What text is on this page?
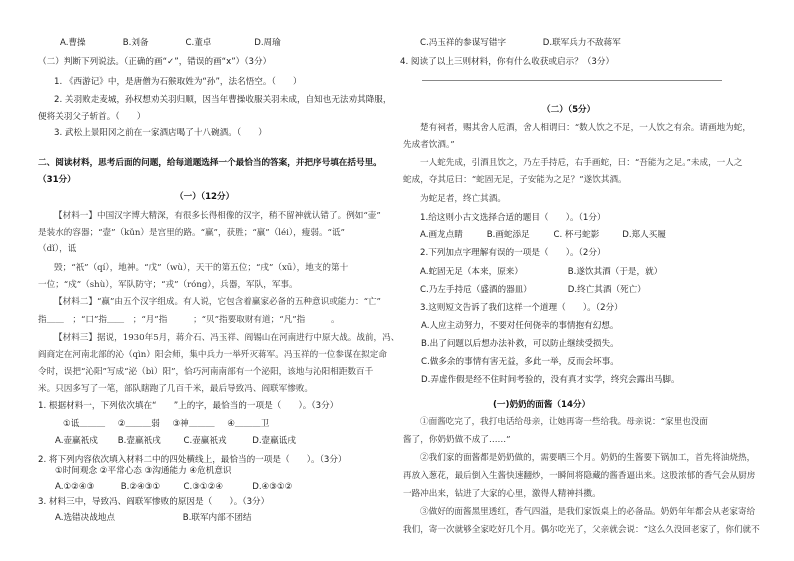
A.曹操	B.刘备	C.董卓	D.周瑜
（二）判断下列说法。（正确的画“✓”，错误的画“x”）（3分）
1. 《西游记》中，是唐僧为石猴取姓为“孙”，法名悟空。（　　）
2. 关羽败走麦城，孙权想劝关羽归顺，因当年曹操收服关羽未成，自知也无法劝其降服，
便将关羽父子斩首。（　　）
3. 武松上景阳冈之前在一家酒店喝了十八碗酒。（　　）
二、阅读材料，思考后面的问题，给每道题选择一个最恰当的答案，并把序号填在括号里。
（31分）
（一）（12分）
【材料一】中国汉字博大精深，有很多长得相像的汉字，稍不留神就认错了。例如“壶”
是装水的容器；“壸”（kǔn）是宫里的路。“赢”，获胜；“羸”（léi），瘦弱。“诋”
（dǐ），诋
毁；“祇”（qí），地神。“戊”（wù），天干的第五位；“戌”（xū），地支的第十
一位；“戍”（shù），军队防守；“戎”（róng），兵器，军队，军事。
【材料二】“赢”由五个汉字组成。有人说，它包含着赢家必备的五种意识或能力：“亡”
指＿＿　；“口”指＿＿　；“月”指　　　；“贝”指要取财有道；“凡”指　　　。
【材料三】据说，1930年5月，蒋介石、冯玉祥、阎锡山在河南进行中原大战。战前，冯、
阎商定在河南北部的沁（qìn）阳会师，集中兵力一举歼灭蒋军。冯玉祥的一位参谋在拟定命
令时，误把“沁阳”写成“泌（bì）阳”，恰巧河南南部有一个泌阳，该地与沁阳相距数百千
米。只因多写了一笔，部队瞎跑了几百千米，最后导致冯、阎联军惨败。
1. 根据材料一，下列依次填在“　　”上的字，最恰当的一项是（　　）。（3分）
①诋＿＿＿ ②＿＿＿弱 ③神＿＿＿ ④＿＿＿卫
A.壶赢祇戍 B.壸羸祇戌	C.壶赢祇戎	D.壸羸诋戌
2. 将下列内容依次填入材料二中的四处横线上，最恰当的一项是（　　）。（3分）
①时间观念 ②平常心态 ③沟通能力 ④危机意识
A.①②④③	B.②④③①	C.③①②④	D.④③①②
3. 材料三中，导致冯、阎联军惨败的原因是（　　）。（3分）
A.选错决战地点	B.联军内部不团结
C.冯玉祥的参谋写错字	D.联军兵力不敌蒋军
4. 阅读了以上三则材料，你有什么收获或启示？（3分）
（二）（5分）
楚有祠者，赐其舍人卮酒，舍人相谓曰：“数人饮之不足，一人饮之有余。请画地为蛇，
先成者饮酒。”
一人蛇先成，引酒且饮之，乃左手持卮，右手画蛇，曰：“吾能为之足。”未成，一人之
蛇成，夺其卮曰：“蛇固无足，子安能为之足？”遂饮其酒。
为蛇足者，终亡其酒。
1.给这则小古文选择合适的题目（　　）。（1分）
A.画龙点睛	B.画蛇添足	C. 杯弓蛇影	D.郑人买履
2.下列加点字理解有误的一项是（　　）。（2分）
A.蛇固无足（本来，原来）	B.遂饮其酒（于是，就）
C.乃左手持卮（盛酒的器皿）	D.终亡其酒（死亡）
3.这则短文告诉了我们这样一个道理（　　）。（2分）
A.人应主动努力，不要对任何侥幸的事情抱有幻想。
B.出了问题以后想办法补救，可以防止继续受损失。
C.做多余的事情有害无益，多此一举，反而会坏事。
D.弄虚作假是经不住时间考验的，没有真才实学，终究会露出马脚。
(一)奶奶的面酱（14分）
①面酱吃完了，我打电话给母亲，让她再寄一些给我。母亲说：“家里也没面
酱了，你奶奶做不成了……”
②我们家的面酱都是奶奶做的，需要晒三个月。奶奶的生酱要下锅加工，首先将油烧热，
再放入葱花，最后倒入生酱快速翻炒，一瞬间将隐藏的酱香逼出来。这股浓郁的香气会从厨房
一路冲出来，钻进了大家的心里，激得人精神抖擞。
③做好的面酱黑里透红，香气四溢，是我们家饭桌上的必备品。奶奶年年都会从老家寄给
我们，寄一次就够全家吃好几个月。偶尔吃光了，父亲就会说：“这么久没回老家了，你们就不
